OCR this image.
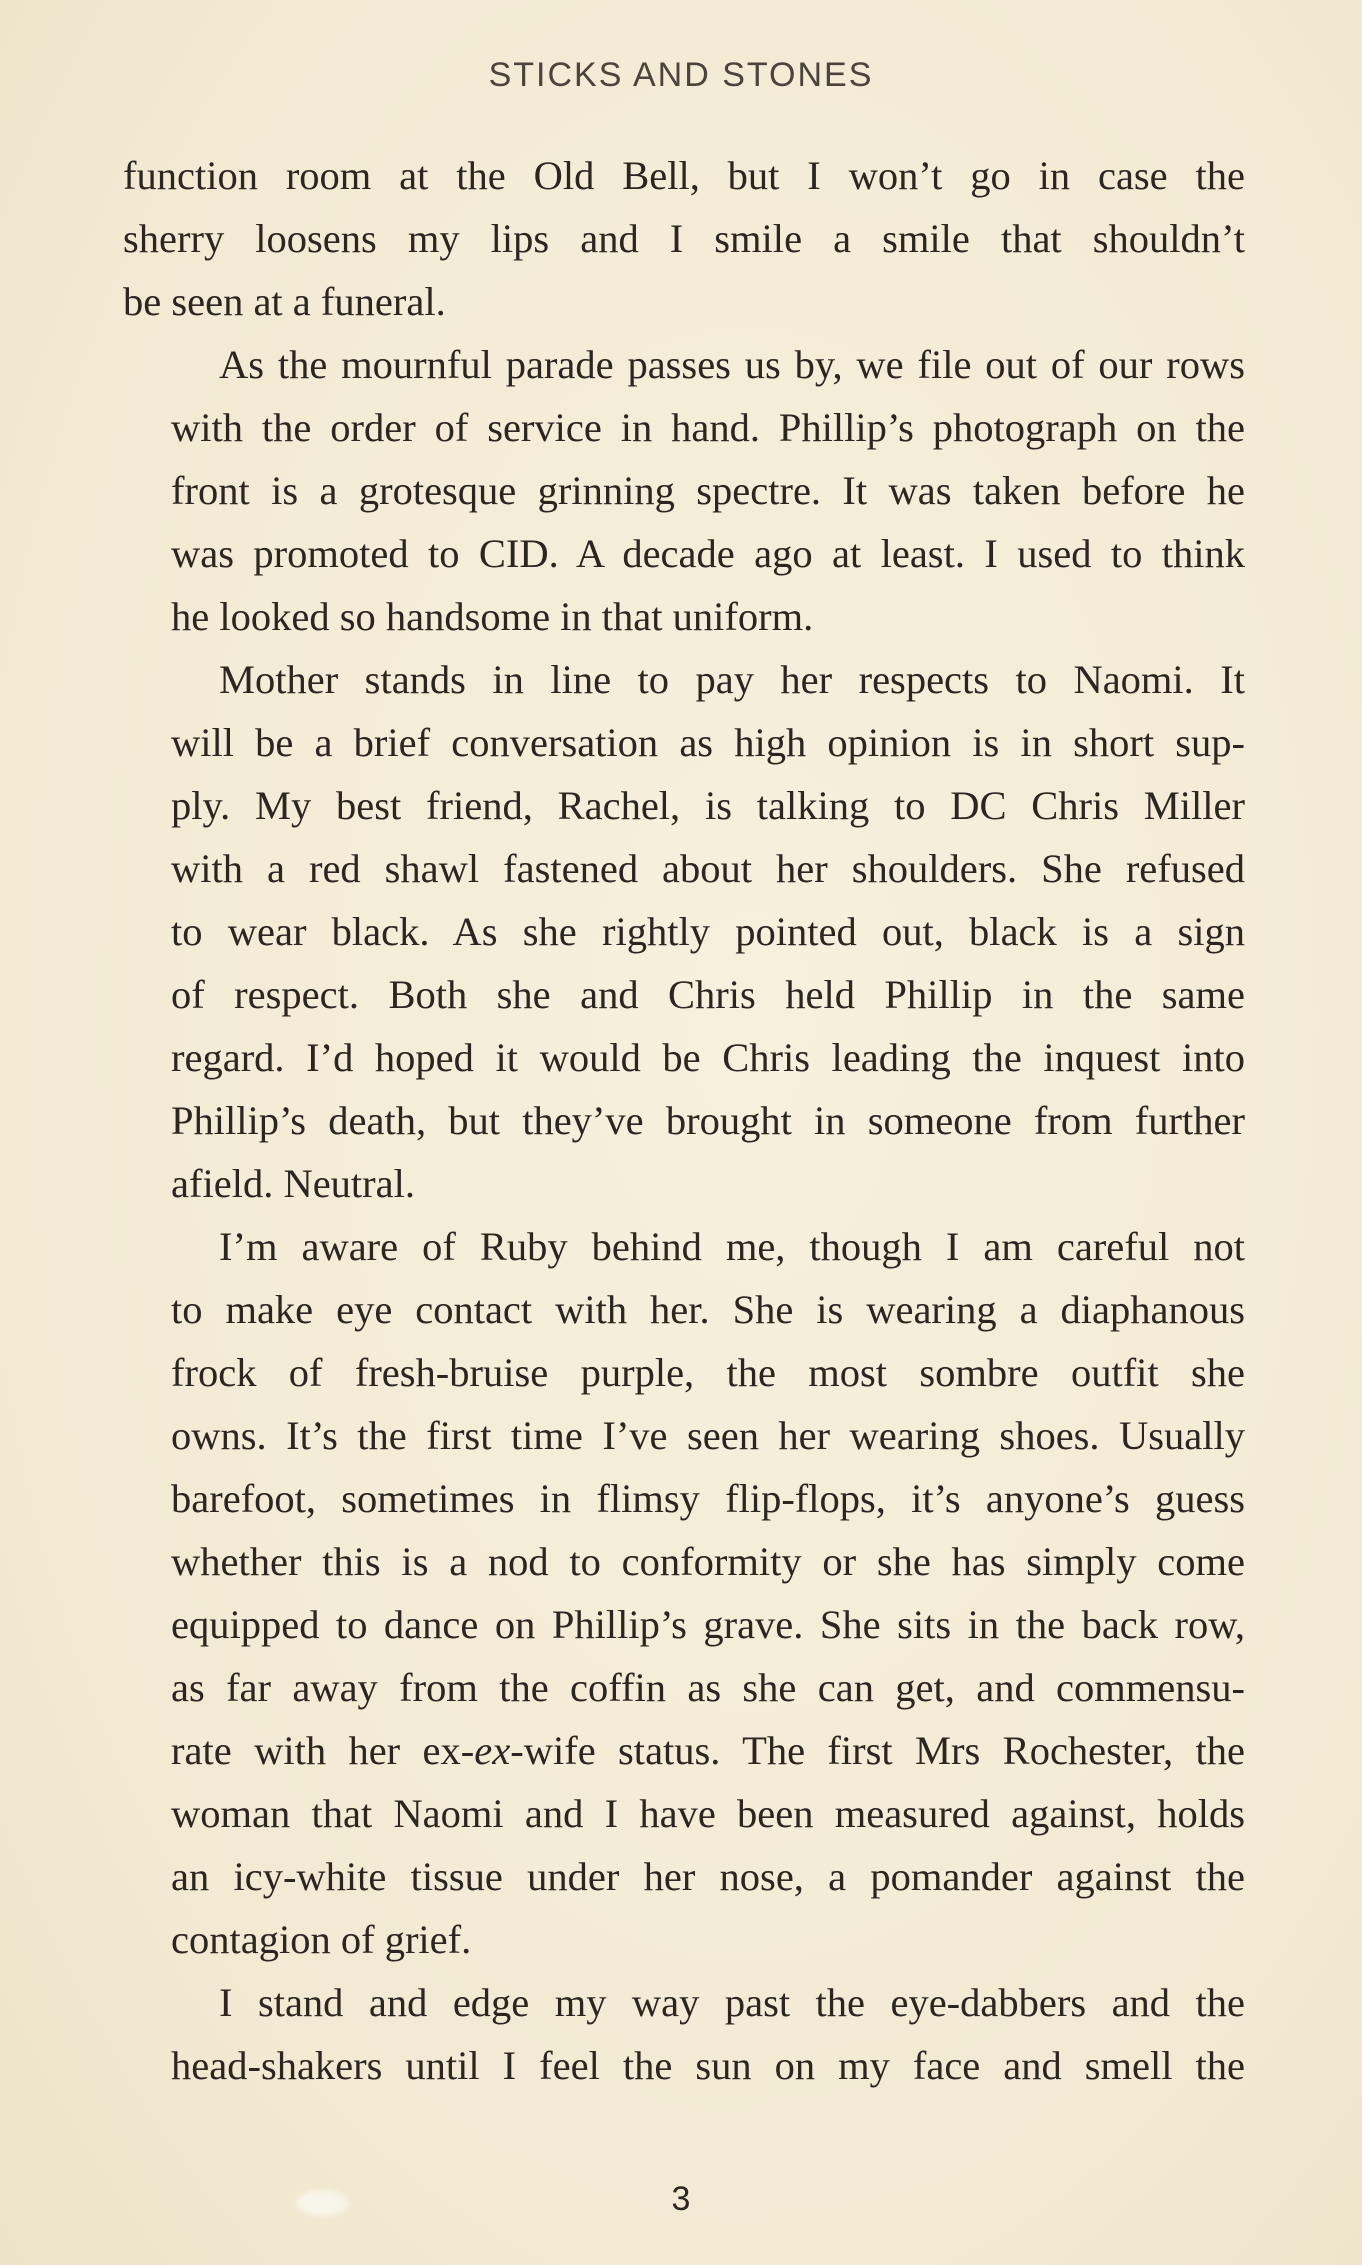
STICKS AND STONES

function room at the Old Bell, but I won’t go in case the
sherry loosens my lips and I smile a smile that shouldn’t
be seen at a funeral.

As the mournful parade passes us by, we file out of our rows
with the order of service in hand. Phillip’s photograph on the
front is a grotesque grinning spectre. It was taken before he
was promoted to CID. A decade ago at least. I used to think
he looked so handsome in that uniform.

Mother stands in line to pay her respects to Naomi. It
will be a brief conversation as high opinion is in short sup-
ply. My best friend, Rachel, is talking to DC Chris Miller
with a red shawl fastened about her shoulders. She refused
to wear black. As she rightly pointed out, black is a sign
of respect. Both she and Chris held Phillip in the same
regard. I’d hoped it would be Chris leading the inquest into
Phillip’s death, but they’ve brought in someone from further
afield. Neutral.

I’m aware of Ruby behind me, though I am careful not
to make eye contact with her. She is wearing a diaphanous
frock of fresh-bruise purple, the most sombre outfit she
owns. It’s the first time I’ve seen her wearing shoes. Usually
barefoot, sometimes in flimsy flip-flops, it’s anyone’s guess
whether this is a nod to conformity or she has simply come
equipped to dance on Phillip’s grave. She sits in the back row,
as far away from the coffin as she can get, and commensu-
rate with her ex-ex-wife status. The first Mrs Rochester, the
woman that Naomi and I have been measured against, holds
an icy-white tissue under her nose, a pomander against the
contagion of grief.

I stand and edge my way past the eye-dabbers and the
head-shakers until I feel the sun on my face and smell the

3
